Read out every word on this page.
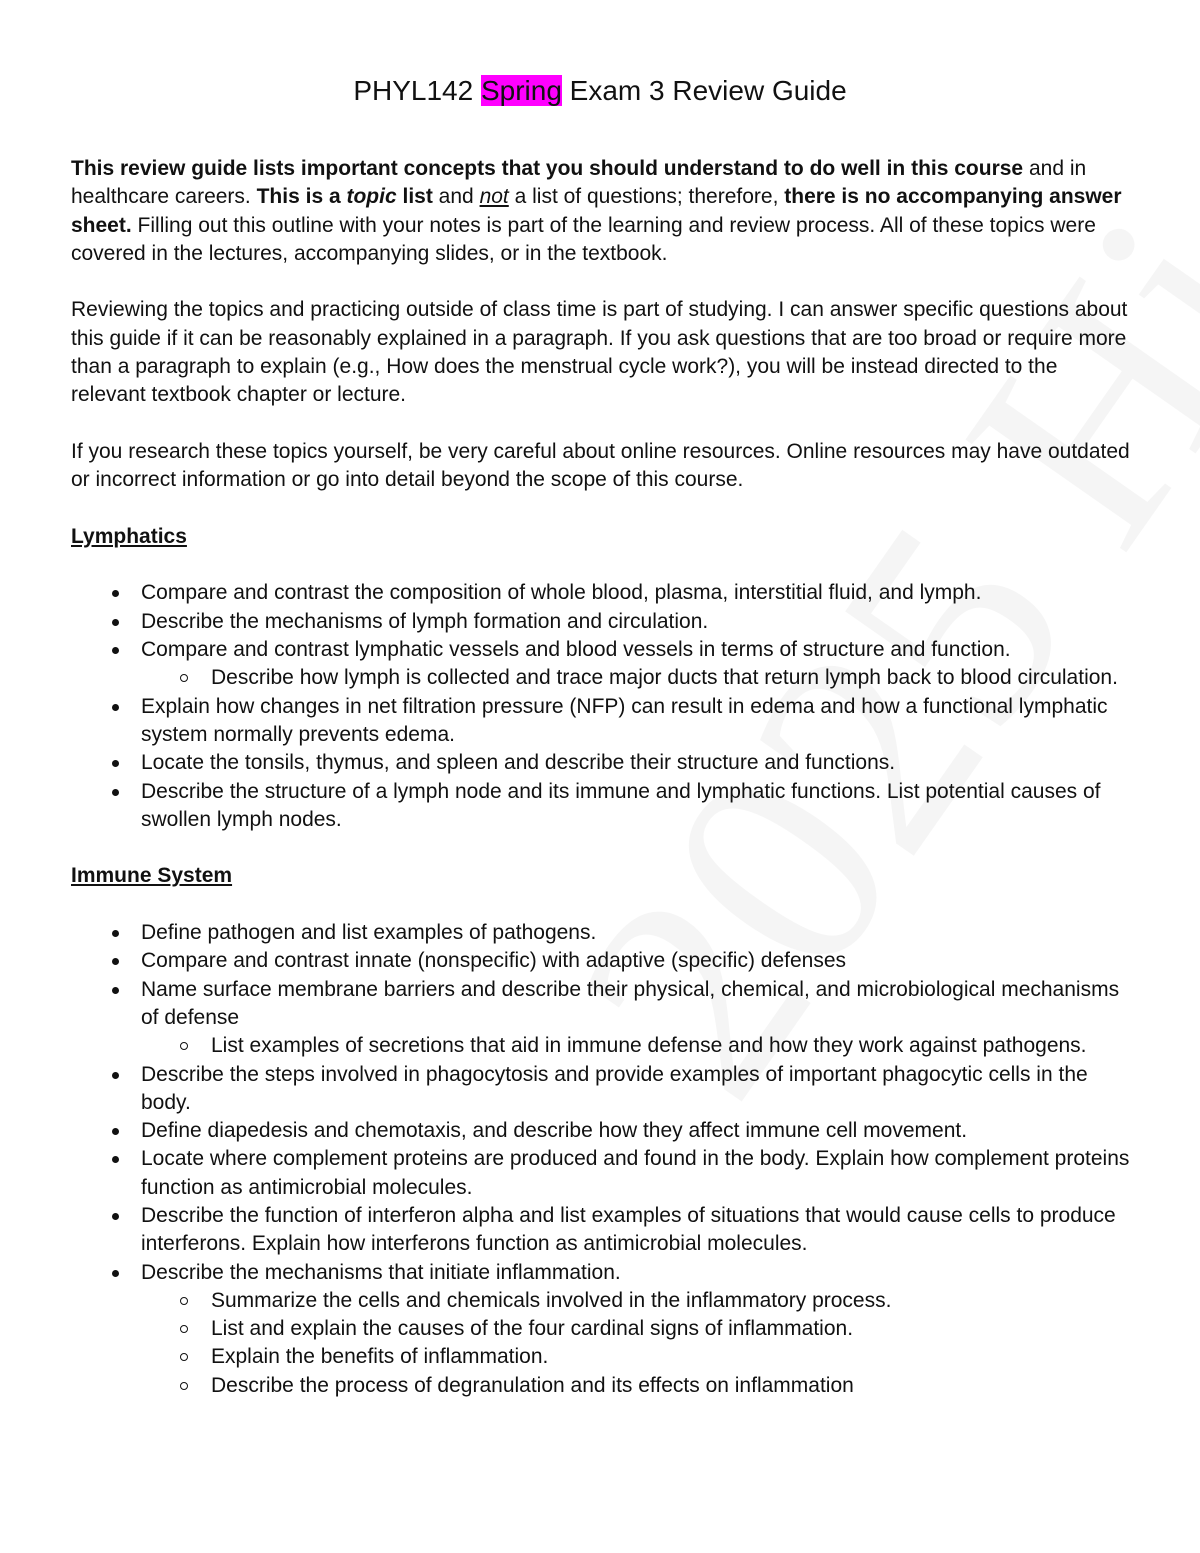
PHYL142 Spring Exam 3 Review Guide

This review guide lists important concepts that you should understand to do well in this course and in healthcare careers. This is a topic list and not a list of questions; therefore, there is no accompanying answer sheet. Filling out this outline with your notes is part of the learning and review process. All of these topics were covered in the lectures, accompanying slides, or in the textbook.

Reviewing the topics and practicing outside of class time is part of studying. I can answer specific questions about this guide if it can be reasonably explained in a paragraph. If you ask questions that are too broad or require more than a paragraph to explain (e.g., How does the menstrual cycle work?), you will be instead directed to the relevant textbook chapter or lecture.

If you research these topics yourself, be very careful about online resources. Online resources may have outdated or incorrect information or go into detail beyond the scope of this course.

Lymphatics
Compare and contrast the composition of whole blood, plasma, interstitial fluid, and lymph.
Describe the mechanisms of lymph formation and circulation.
Compare and contrast lymphatic vessels and blood vessels in terms of structure and function.
Describe how lymph is collected and trace major ducts that return lymph back to blood circulation.
Explain how changes in net filtration pressure (NFP) can result in edema and how a functional lymphatic system normally prevents edema.
Locate the tonsils, thymus, and spleen and describe their structure and functions.
Describe the structure of a lymph node and its immune and lymphatic functions. List potential causes of swollen lymph nodes.
Immune System
Define pathogen and list examples of pathogens.
Compare and contrast innate (nonspecific) with adaptive (specific) defenses
Name surface membrane barriers and describe their physical, chemical, and microbiological mechanisms of defense
List examples of secretions that aid in immune defense and how they work against pathogens.
Describe the steps involved in phagocytosis and provide examples of important phagocytic cells in the body.
Define diapedesis and chemotaxis, and describe how they affect immune cell movement.
Locate where complement proteins are produced and found in the body. Explain how complement proteins function as antimicrobial molecules.
Describe the function of interferon alpha and list examples of situations that would cause cells to produce interferons. Explain how interferons function as antimicrobial molecules.
Describe the mechanisms that initiate inflammation.
Summarize the cells and chemicals involved in the inflammatory process.
List and explain the causes of the four cardinal signs of inflammation.
Explain the benefits of inflammation.
Describe the process of degranulation and its effects on inflammation
